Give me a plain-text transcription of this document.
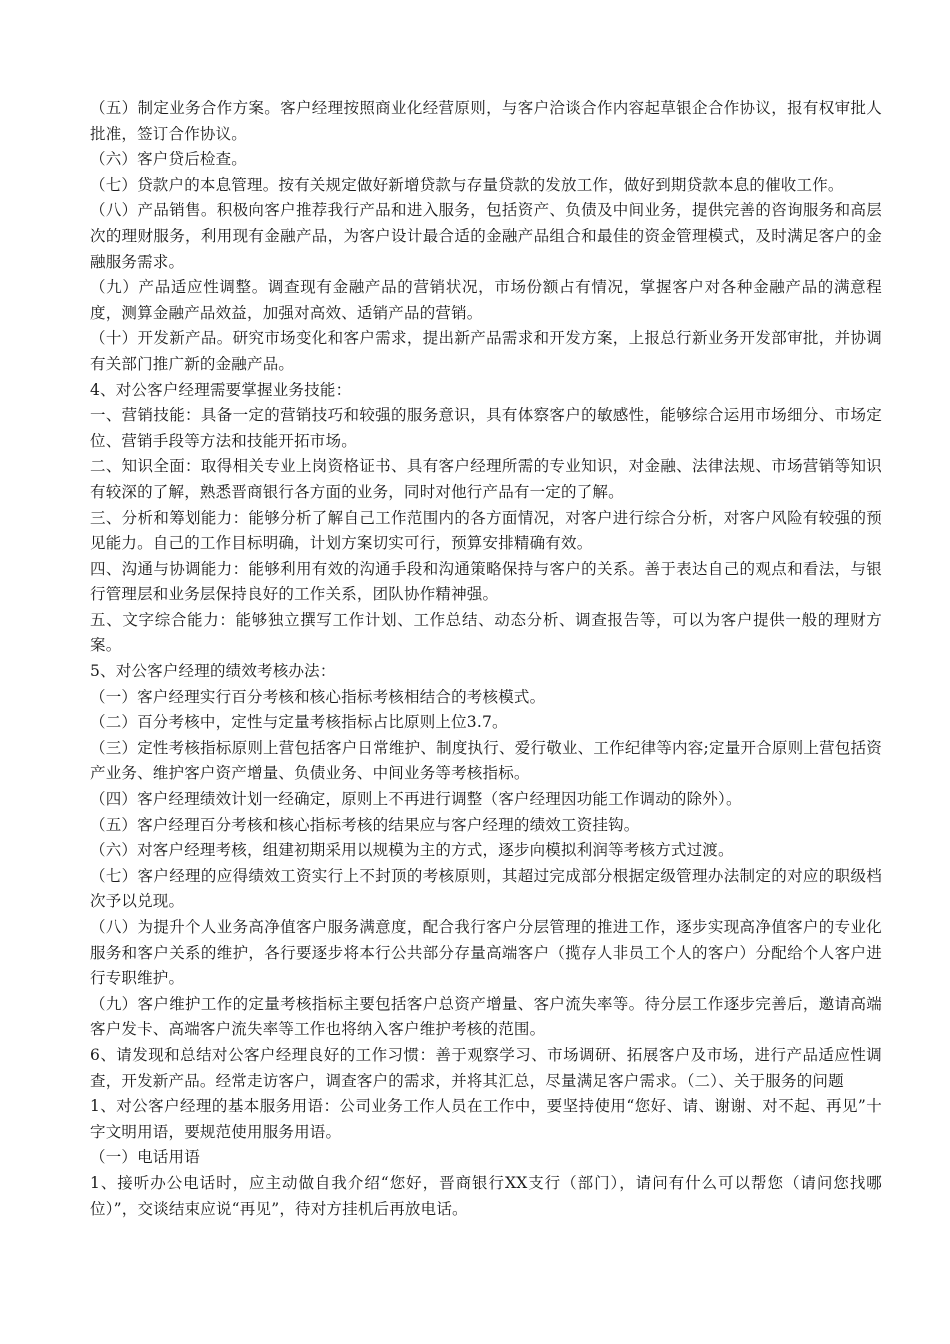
（五）制定业务合作方案。客户经理按照商业化经营原则，与客户洽谈合作内容起草银企合作协议，报有权审批人批准，签订合作协议。

（六）客户贷后检查。

（七）贷款户的本息管理。按有关规定做好新增贷款与存量贷款的发放工作，做好到期贷款本息的催收工作。

（八）产品销售。积极向客户推荐我行产品和进入服务，包括资产、负债及中间业务，提供完善的咨询服务和高层次的理财服务，利用现有金融产品，为客户设计最合适的金融产品组合和最佳的资金管理模式，及时满足客户的金融服务需求。

（九）产品适应性调整。调查现有金融产品的营销状况，市场份额占有情况，掌握客户对各种金融产品的满意程度，测算金融产品效益，加强对高效、适销产品的营销。

（十）开发新产品。研究市场变化和客户需求，提出新产品需求和开发方案，上报总行新业务开发部审批，并协调有关部门推广新的金融产品。

4、对公客户经理需要掌握业务技能：

一、营销技能：具备一定的营销技巧和较强的服务意识，具有体察客户的敏感性，能够综合运用市场细分、市场定位、营销手段等方法和技能开拓市场。

二、知识全面：取得相关专业上岗资格证书、具有客户经理所需的专业知识，对金融、法律法规、市场营销等知识有较深的了解，熟悉晋商银行各方面的业务，同时对他行产品有一定的了解。

三、分析和筹划能力：能够分析了解自己工作范围内的各方面情况，对客户进行综合分析，对客户风险有较强的预见能力。自己的工作目标明确，计划方案切实可行，预算安排精确有效。

四、沟通与协调能力：能够利用有效的沟通手段和沟通策略保持与客户的关系。善于表达自己的观点和看法，与银行管理层和业务层保持良好的工作关系，团队协作精神强。

五、文字综合能力：能够独立撰写工作计划、工作总结、动态分析、调查报告等，可以为客户提供一般的理财方案。

5、对公客户经理的绩效考核办法：

（一）客户经理实行百分考核和核心指标考核相结合的考核模式。

（二）百分考核中，定性与定量考核指标占比原则上位3.7。

（三）定性考核指标原则上营包括客户日常维护、制度执行、爱行敬业、工作纪律等内容;定量开合原则上营包括资产业务、维护客户资产增量、负债业务、中间业务等考核指标。

（四）客户经理绩效计划一经确定，原则上不再进行调整（客户经理因功能工作调动的除外）。

（五）客户经理百分考核和核心指标考核的结果应与客户经理的绩效工资挂钩。

（六）对客户经理考核，组建初期采用以规模为主的方式，逐步向模拟利润等考核方式过渡。

（七）客户经理的应得绩效工资实行上不封顶的考核原则，其超过完成部分根据定级管理办法制定的对应的职级档次予以兑现。

（八）为提升个人业务高净值客户服务满意度，配合我行客户分层管理的推进工作，逐步实现高净值客户的专业化服务和客户关系的维护，各行要逐步将本行公共部分存量高端客户（揽存人非员工个人的客户）分配给个人客户进行专职维护。

（九）客户维护工作的定量考核指标主要包括客户总资产增量、客户流失率等。待分层工作逐步完善后，邀请高端客户发卡、高端客户流失率等工作也将纳入客户维护考核的范围。

6、请发现和总结对公客户经理良好的工作习惯：善于观察学习、市场调研、拓展客户及市场，进行产品适应性调查，开发新产品。经常走访客户，调查客户的需求，并将其汇总，尽量满足客户需求。（二）、关于服务的问题

1、对公客户经理的基本服务用语：公司业务工作人员在工作中，要坚持使用“您好、请、谢谢、对不起、再见”十字文明用语，要规范使用服务用语。

（一）电话用语

1、接听办公电话时，应主动做自我介绍“您好，晋商银行XX支行（部门），请问有什么可以帮您（请问您找哪位）”，交谈结束应说“再见”，待对方挂机后再放电话。
